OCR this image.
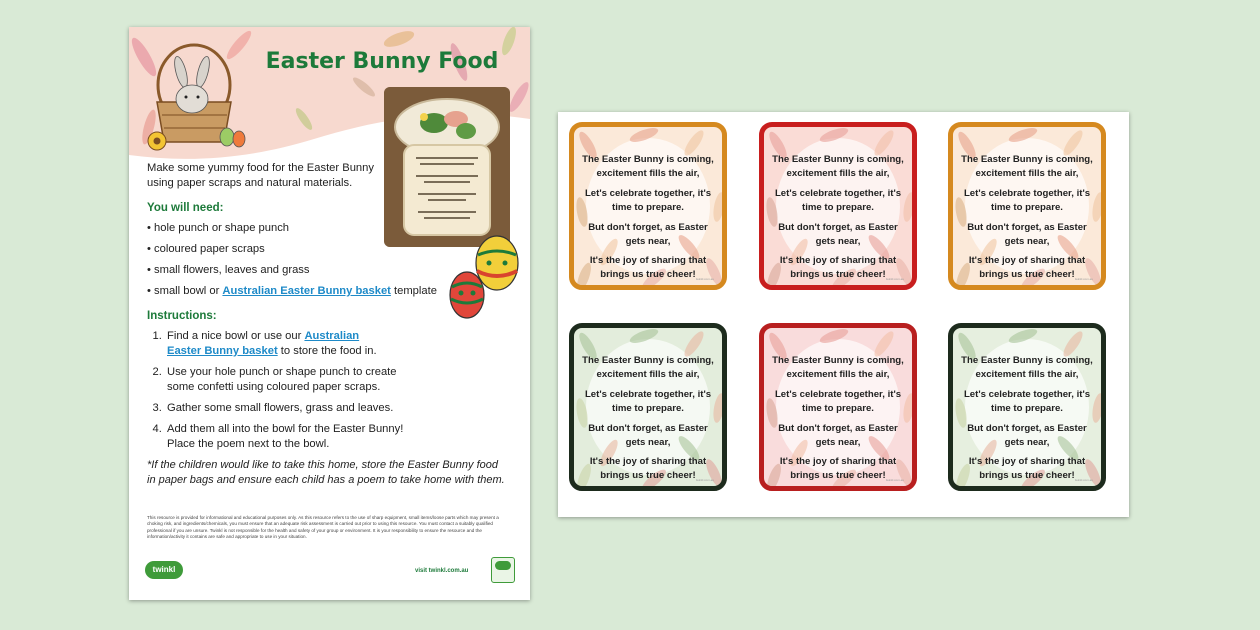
Easter Bunny Food

Make some yummy food for the Easter Bunny using paper scraps and natural materials.

You will need:

• hole punch or shape punch
• coloured paper scraps
• small flowers, leaves and grass
• small bowl or Australian Easter Bunny basket template

Instructions:

1. Find a nice bowl or use our Australian Easter Bunny basket to store the food in.
2. Use your hole punch or shape punch to create some confetti using coloured paper scraps.
3. Gather some small flowers, grass and leaves.
4. Add them all into the bowl for the Easter Bunny! Place the poem next to the bowl.

*If the children would like to take this home, store the Easter Bunny food in paper bags and ensure each child has a poem to take home with them.

This resource is provided for informational and educational purposes only. As this resource refers to the use of sharp equipment, small items/loose parts which may present a choking risk, and ingredients/chemicals, you must ensure that an adequate risk assessment is carried out prior to using this resource. You must contact a suitably qualified professional if you are unsure. Twinkl is not responsible for the health and safety of your group or environment. It is your responsibility to ensure the resource and the information/activity it contains are safe and appropriate to use in your situation.
twinkl	visit twinkl.com.au

The Easter Bunny is coming, excitement fills the air,

Let's celebrate together, it's time to prepare.

But don't forget, as Easter gets near,

It's the joy of sharing that brings us true cheer! twinkl.com.au

The Easter Bunny is coming, excitement fills the air,

Let's celebrate together, it's time to prepare.

But don't forget, as Easter gets near,

It's the joy of sharing that brings us true cheer! twinkl.com.au

The Easter Bunny is coming, excitement fills the air,

Let's celebrate together, it's time to prepare.

But don't forget, as Easter gets near,

It's the joy of sharing that brings us true cheer! twinkl.com.au

The Easter Bunny is coming, excitement fills the air,

Let's celebrate together, it's time to prepare.

But don't forget, as Easter gets near,

It's the joy of sharing that brings us true cheer! twinkl.com.au

The Easter Bunny is coming, excitement fills the air,

Let's celebrate together, it's time to prepare.

But don't forget, as Easter gets near,

It's the joy of sharing that brings us true cheer! twinkl.com.au

The Easter Bunny is coming, excitement fills the air,

Let's celebrate together, it's time to prepare.

But don't forget, as Easter gets near,

It's the joy of sharing that brings us true cheer! twinkl.com.au
